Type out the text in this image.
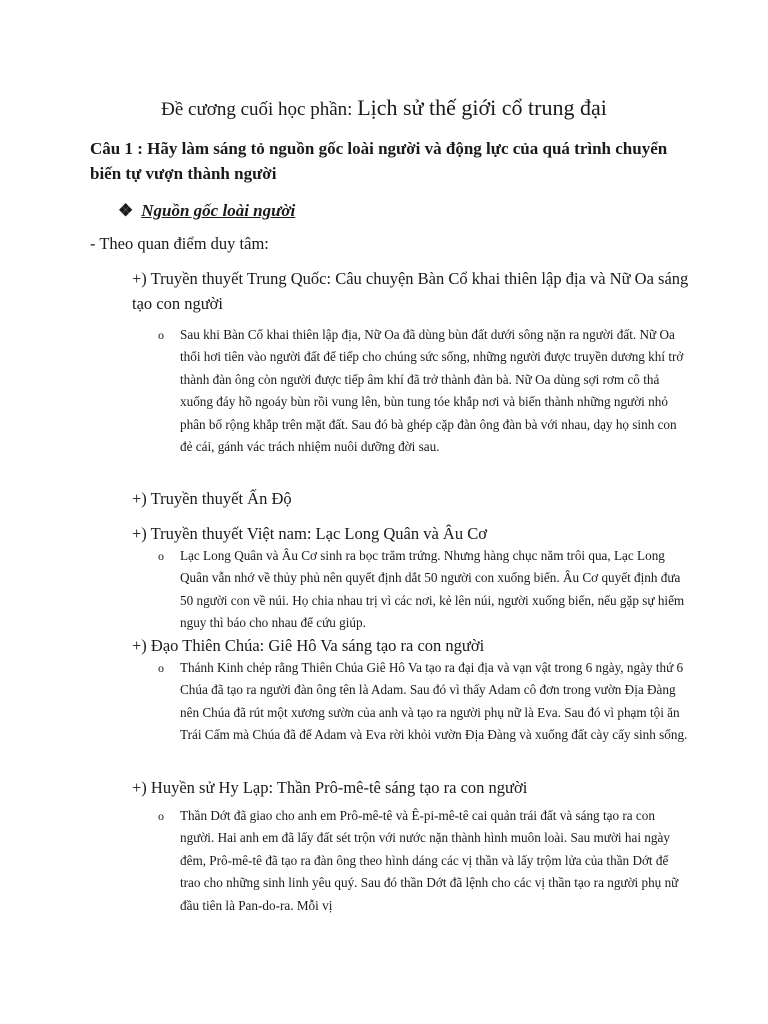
Đề cương cuối học phần: Lịch sử thế giới cổ trung đại
Câu 1 : Hãy làm sáng tỏ nguồn gốc loài người và động lực của quá trình chuyển biến tự vượn thành người
❖ Nguồn gốc loài người
- Theo quan điểm duy tâm:
+) Truyền thuyết Trung Quốc: Câu chuyện Bàn Cổ khai thiên lập địa và Nữ Oa sáng tạo con người
o Sau khi Bàn Cổ khai thiên lập địa, Nữ Oa đã dùng bùn đất dưới sông nặn ra người đất. Nữ Oa thổi hơi tiên vào người đất để tiếp cho chúng sức sống, những người được truyền dương khí trở thành đàn ông còn người được tiếp âm khí đã trở thành đàn bà. Nữ Oa dùng sợi rơm cô thả xuống đáy hồ ngoáy bùn rồi vung lên, bùn tung tóe khắp nơi và biến thành những người nhỏ phân bố rộng khắp trên mặt đất. Sau đó bà ghép cặp đàn ông đàn bà với nhau, dạy họ sinh con đẻ cái, gánh vác trách nhiệm nuôi dưỡng đời sau.
+) Truyền thuyết Ấn Độ
+) Truyền thuyết Việt nam: Lạc Long Quân và Âu Cơ
o Lạc Long Quân và Âu Cơ sinh ra bọc trăm trứng. Nhưng hàng chục năm trôi qua, Lạc Long Quân vẫn nhớ về thủy phủ nên quyết định dắt 50 người con xuống biển. Âu Cơ quyết định đưa 50 người con về núi. Họ chia nhau trị vì các nơi, kẻ lên núi, người xuống biển, nếu gặp sự hiểm nguy thì báo cho nhau để cứu giúp.
+) Đạo Thiên Chúa: Giê Hô Va sáng tạo ra con người
o Thánh Kinh chép rằng Thiên Chúa Giê Hô Va tạo ra đại địa và vạn vật trong 6 ngày, ngày thứ 6 Chúa đã tạo ra người đàn ông tên là Adam. Sau đó vì thấy Adam cô đơn trong vườn Địa Đàng nên Chúa đã rút một xương sườn của anh và tạo ra người phụ nữ là Eva. Sau đó vì phạm tội ăn Trái Cấm mà Chúa đã để Adam và Eva rời khỏi vườn Địa Đàng và xuống đất cày cấy sinh sống.
+) Huyền sử Hy Lạp: Thần Prô-mê-tê sáng tạo ra con người
o Thần Dớt đã giao cho anh em Prô-mê-tê và Ê-pi-mê-tê cai quản trái đất và sáng tạo ra con người. Hai anh em đã lấy đất sét trộn với nước nặn thành hình muôn loài. Sau mười hai ngày đêm, Prô-mê-tê đã tạo ra đàn ông theo hình dáng các vị thần và lấy trộm lửa của thần Dớt để trao cho những sinh linh yêu quý. Sau đó thần Dớt đã lệnh cho các vị thần tạo ra người phụ nữ đầu tiên là Pan-do-ra. Mỗi vị
